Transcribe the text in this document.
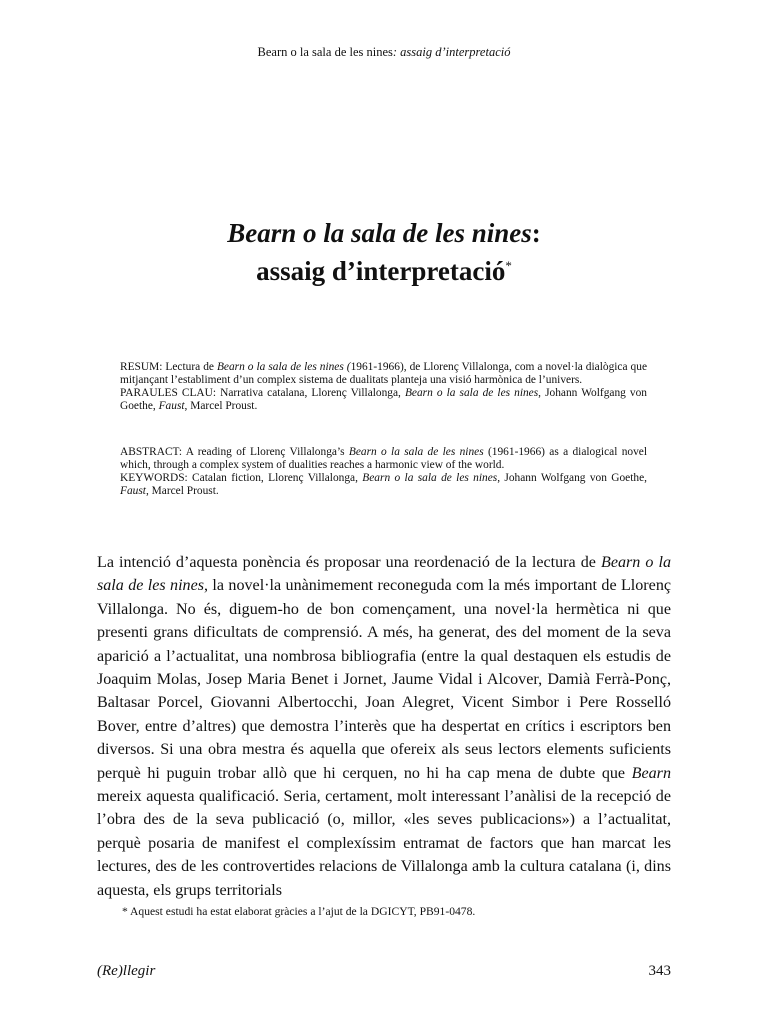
Bearn o la sala de les nines: assaig d’interpretació
Bearn o la sala de les nines:
assaig d’interpretació*

RESUM: Lectura de Bearn o la sala de les nines (1961-1966), de Llorenç Villalonga, com a novel·la dialògica que mitjançant l’establiment d’un complex sistema de dualitats planteja una visió harmònica de l’univers.

PARAULES CLAU: Narrativa catalana, Llorenç Villalonga, Bearn o la sala de les nines, Johann Wolfgang von Goethe, Faust, Marcel Proust.

ABSTRACT: A reading of Llorenç Villalonga’s Bearn o la sala de les nines (1961-1966) as a dialogical novel which, through a complex system of dualities reaches a harmonic view of the world.

KEYWORDS: Catalan fiction, Llorenç Villalonga, Bearn o la sala de les nines, Johann Wolfgang von Goethe, Faust, Marcel Proust.

La intenció d’aquesta ponència és proposar una reordenació de la lectura de Bearn o la sala de les nines, la novel·la unànimement reconeguda com la més important de Llorenç Villalonga. No és, diguem-ho de bon començament, una novel·la hermètica ni que presenti grans dificultats de comprensió. A més, ha generat, des del moment de la seva aparició a l’actualitat, una nombrosa bibliografia (entre la qual destaquen els estudis de Joaquim Molas, Josep Maria Benet i Jornet, Jaume Vidal i Alcover, Damià Ferrà-Ponç, Baltasar Porcel, Giovanni Albertocchi, Joan Alegret, Vicent Simbor i Pere Rosselló Bover, entre d’altres) que demostra l’interès que ha despertat en crítics i escriptors ben diversos. Si una obra mestra és aquella que ofereix als seus lectors elements suficients perquè hi puguin trobar allò que hi cerquen, no hi ha cap mena de dubte que Bearn mereix aquesta qualificació. Seria, certament, molt interessant l’anàlisi de la recepció de l’obra des de la seva publicació (o, millor, «les seves publicacions») a l’actualitat, perquè posaria de manifest el complexíssim entramat de factors que han marcat les lectures, des de les controvertides relacions de Villalonga amb la cultura catalana (i, dins aquesta, els grups territorials

* Aquest estudi ha estat elaborat gràcies a l’ajut de la DGICYT, PB91-0478.
(Re)llegir	343
